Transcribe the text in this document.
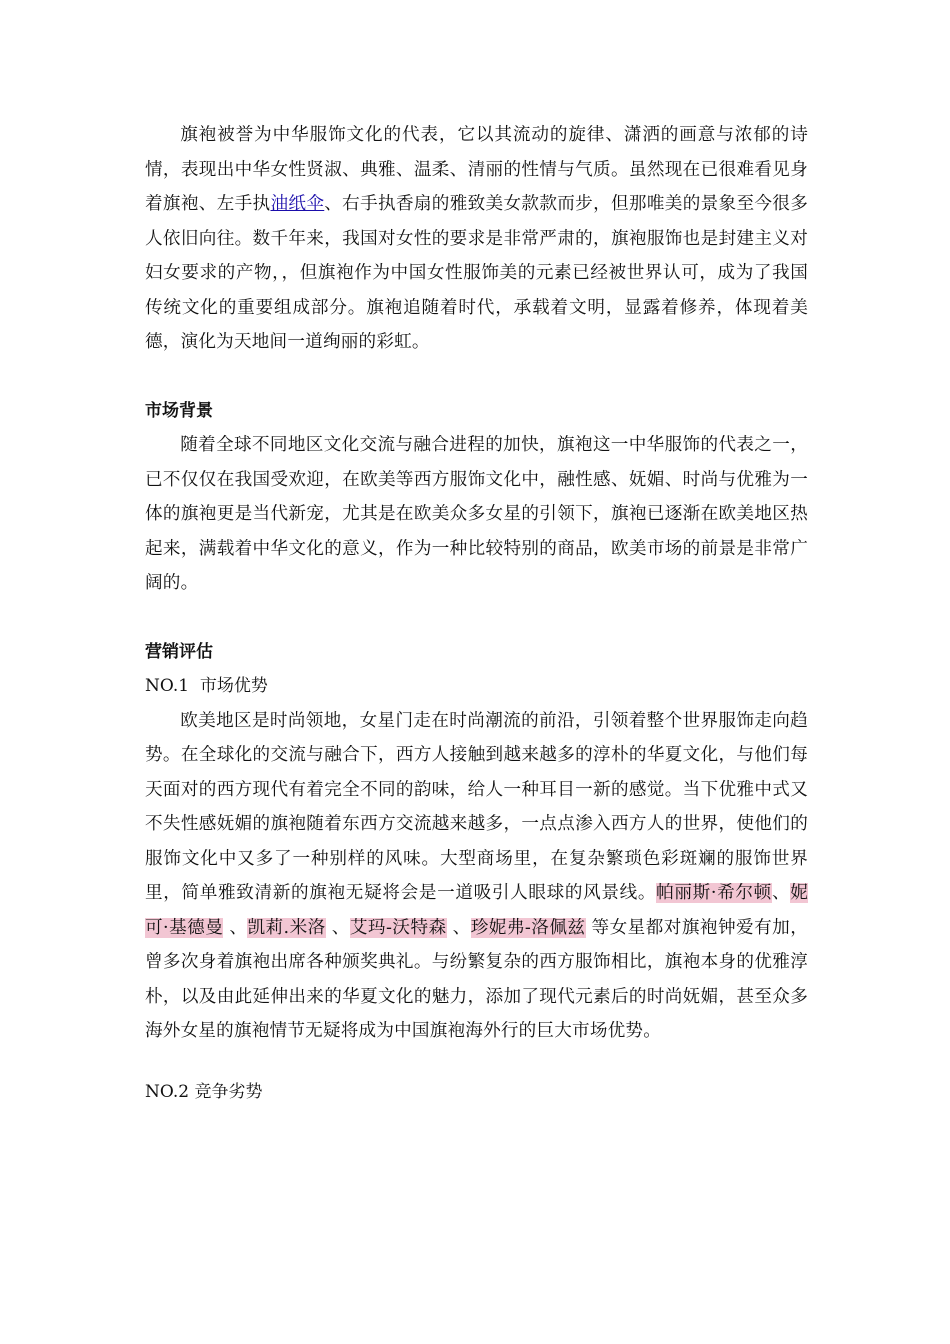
旗袍被誉为中华服饰文化的代表，它以其流动的旋律、潇洒的画意与浓郁的诗情，表现出中华女性贤淑、典雅、温柔、清丽的性情与气质。虽然现在已很难看见身着旗袍、左手执油纸伞、右手执香扇的雅致美女款款而步，但那唯美的景象至今很多人依旧向往。数千年来，我国对女性的要求是非常严肃的，旗袍服饰也是封建主义对妇女要求的产物，，但旗袍作为中国女性服饰美的元素已经被世界认可，成为了我国传统文化的重要组成部分。旗袍追随着时代，承载着文明，显露着修养，体现着美德，演化为天地间一道绚丽的彩虹。

市场背景

随着全球不同地区文化交流与融合进程的加快，旗袍这一中华服饰的代表之一，已不仅仅在我国受欢迎，在欧美等西方服饰文化中，融性感、妩媚、时尚与优雅为一体的旗袍更是当代新宠，尤其是在欧美众多女星的引领下，旗袍已逐渐在欧美地区热起来，满载着中华文化的意义，作为一种比较特别的商品，欧美市场的前景是非常广阔的。

营销评估

NO.1  市场优势

欧美地区是时尚领地，女星门走在时尚潮流的前沿，引领着整个世界服饰走向趋势。在全球化的交流与融合下，西方人接触到越来越多的淳朴的华夏文化，与他们每天面对的西方现代有着完全不同的韵味，给人一种耳目一新的感觉。当下优雅中式又不失性感妩媚的旗袍随着东西方交流越来越多，一点点渗入西方人的世界，使他们的服饰文化中又多了一种别样的风味。大型商场里，在复杂繁琐色彩斑斓的服饰世界里，简单雅致清新的旗袍无疑将会是一道吸引人眼球的风景线。帕丽斯·希尔顿、妮可·基德曼 、凯莉.米洛 、艾玛-沃特森 、珍妮弗-洛佩兹 等女星都对旗袍钟爱有加，曾多次身着旗袍出席各种颁奖典礼。与纷繁复杂的西方服饰相比，旗袍本身的优雅淳朴，以及由此延伸出来的华夏文化的魅力，添加了现代元素后的时尚妩媚，甚至众多海外女星的旗袍情节无疑将成为中国旗袍海外行的巨大市场优势。

NO.2 竞争劣势
